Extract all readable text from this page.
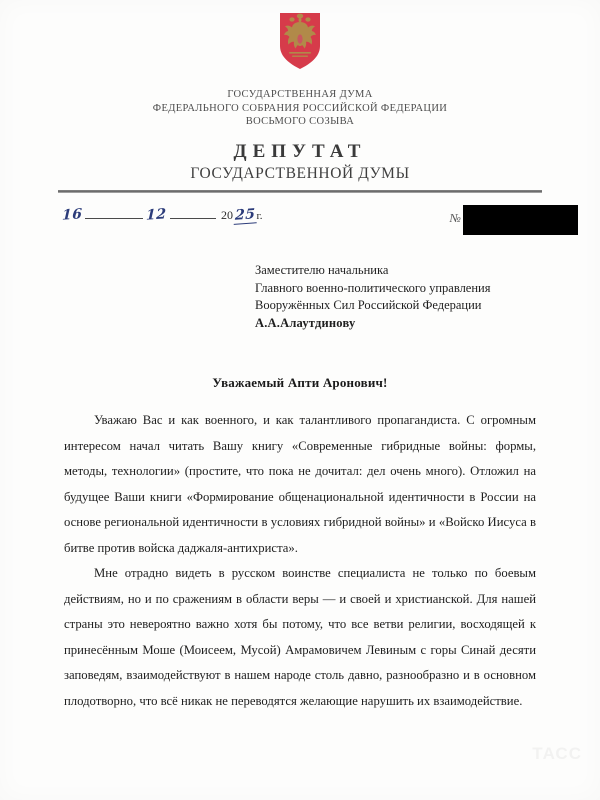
ГОСУДАРСТВЕННАЯ ДУМА
ФЕДЕРАЛЬНОГО СОБРАНИЯ РОССИЙСКОЙ ФЕДЕРАЦИИ
ВОСЬМОГО СОЗЫВА
ДЕПУТАТ
ГОСУДАРСТВЕННОЙ ДУМЫ
16	12	20 25 г.	№
Заместителю начальника
Главного военно-политического управления
Вооружённых Сил Российской Федерации
А.А.Алаутдинову
Уважаемый Апти Аронович!

Уважаю Вас и как военного, и как талантливого пропагандиста. С огромным интересом начал читать Вашу книгу «Современные гибридные войны: формы, методы, технологии» (простите, что пока не дочитал: дел очень много). Отложил на будущее Ваши книги «Формирование общенациональной идентичности в России на основе региональной идентичности в условиях гибридной войны» и «Войско Иисуса в битве против войска даджаля-антихриста».

Мне отрадно видеть в русском воинстве специалиста не только по боевым действиям, но и по сражениям в области веры — и своей и христианской. Для нашей страны это невероятно важно хотя бы потому, что все ветви религии, восходящей к принесённым Моше (Моисеем, Мусой) Амрамовичем Левиным с горы Синай десяти заповедям, взаимодействуют в нашем народе столь давно, разнообразно и в основном плодотворно, что всё никак не переводятся желающие нарушить их взаимодействие.

ТАСС
